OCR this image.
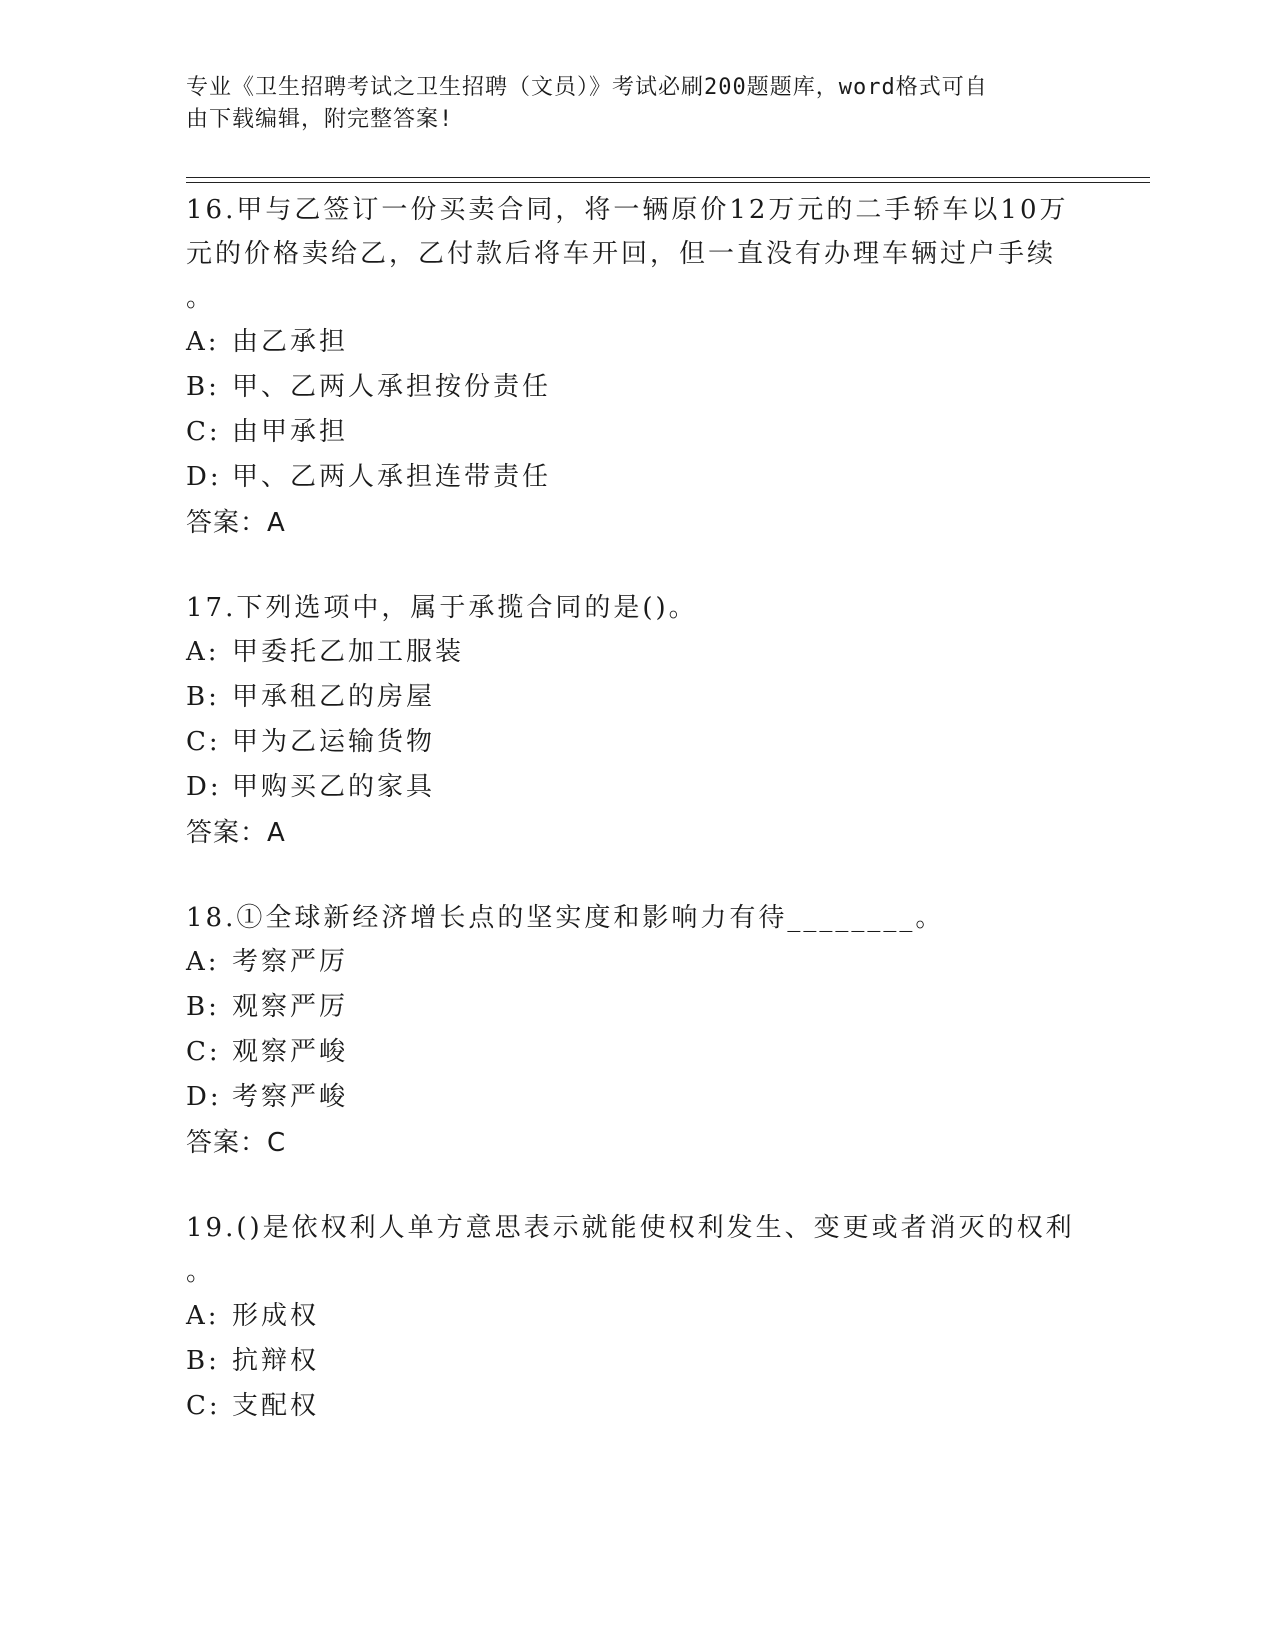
专业《卫生招聘考试之卫生招聘（文员）》考试必刷200题题库，word格式可自
由下载编辑，附完整答案!
16.甲与乙签订一份买卖合同，将一辆原价12万元的二手轿车以10万
元的价格卖给乙，乙付款后将车开回，但一直没有办理车辆过户手续
。
A: 由乙承担
B: 甲、乙两人承担按份责任
C: 由甲承担
D: 甲、乙两人承担连带责任
答案：A
17.下列选项中，属于承揽合同的是()。
A: 甲委托乙加工服装
B: 甲承租乙的房屋
C: 甲为乙运输货物
D: 甲购买乙的家具
答案：A
18.①全球新经济增长点的坚实度和影响力有待________。
A: 考察严厉
B: 观察严厉
C: 观察严峻
D: 考察严峻
答案：C
19.()是依权利人单方意思表示就能使权利发生、变更或者消灭的权利
。
A: 形成权
B: 抗辩权
C: 支配权
